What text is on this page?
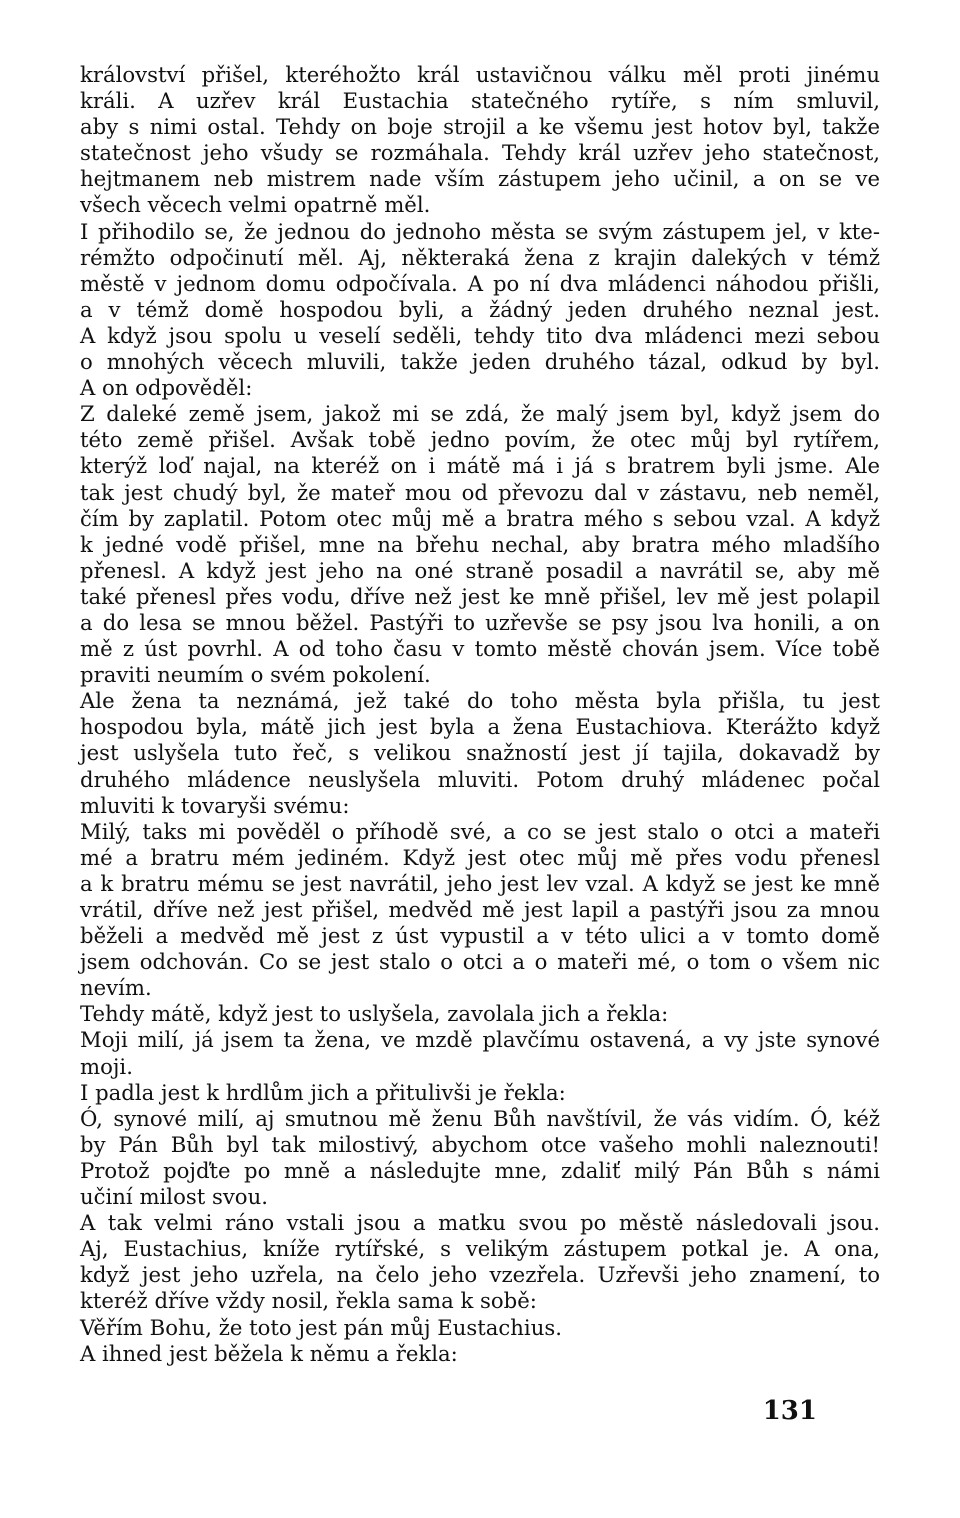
království přišel, kteréhožto král ustavičnou válku měl proti jinému
králi. A uzřev král Eustachia statečného rytíře, s ním smluvil,
aby s nimi ostal. Tehdy on boje strojil a ke všemu jest hotov byl, takže
statečnost jeho všudy se rozmáhala. Tehdy král uzřev jeho statečnost,
hejtmanem neb mistrem nade vším zástupem jeho učinil, a on se ve
všech věcech velmi opatrně měl.
I přihodilo se, že jednou do jednoho města se svým zástupem jel, v kte-
rémžto odpočinutí měl. Aj, některaká žena z krajin dalekých v témž
městě v jednom domu odpočívala. A po ní dva mládenci náhodou přišli,
a v témž domě hospodou byli, a žádný jeden druhého neznal jest.
A když jsou spolu u veselí seděli, tehdy tito dva mládenci mezi sebou
o mnohých věcech mluvili, takže jeden druhého tázal, odkud by byl.
A on odpověděl:
Z daleké země jsem, jakož mi se zdá, že malý jsem byl, když jsem do
této země přišel. Avšak tobě jedno povím, že otec můj byl rytířem,
kterýž loď najal, na kteréž on i mátě má i já s bratrem byli jsme. Ale
tak jest chudý byl, že mateř mou od převozu dal v zástavu, neb neměl,
čím by zaplatil. Potom otec můj mě a bratra mého s sebou vzal. A když
k jedné vodě přišel, mne na břehu nechal, aby bratra mého mladšího
přenesl. A když jest jeho na oné straně posadil a navrátil se, aby mě
také přenesl přes vodu, dříve než jest ke mně přišel, lev mě jest polapil
a do lesa se mnou běžel. Pastýři to uzřevše se psy jsou lva honili, a on
mě z úst povrhl. A od toho času v tomto městě chován jsem. Více tobě
praviti neumím o svém pokolení.
Ale žena ta neznámá, jež také do toho města byla přišla, tu jest
hospodou byla, mátě jich jest byla a žena Eustachiova. Kterážto když
jest uslyšela tuto řeč, s velikou snažností jest jí tajila, dokavadž by
druhého mládence neuslyšela mluviti. Potom druhý mládenec počal
mluviti k tovaryši svému:
Milý, taks mi pověděl o příhodě své, a co se jest stalo o otci a mateři
mé a bratru mém jediném. Když jest otec můj mě přes vodu přenesl
a k bratru mému se jest navrátil, jeho jest lev vzal. A když se jest ke mně
vrátil, dříve než jest přišel, medvěd mě jest lapil a pastýři jsou za mnou
běželi a medvěd mě jest z úst vypustil a v této ulici a v tomto domě
jsem odchován. Co se jest stalo o otci a o mateři mé, o tom o všem nic
nevím.
Tehdy mátě, když jest to uslyšela, zavolala jich a řekla:
Moji milí, já jsem ta žena, ve mzdě plavčímu ostavená, a vy jste synové
moji.
I padla jest k hrdlům jich a přitulivši je řekla:
Ó, synové milí, aj smutnou mě ženu Bůh navštívil, že vás vidím. Ó, kéž
by Pán Bůh byl tak milostivý, abychom otce vašeho mohli naleznouti!
Protož pojďte po mně a následujte mne, zdaliť milý Pán Bůh s námi
učiní milost svou.
A tak velmi ráno vstali jsou a matku svou po městě následovali jsou.
Aj, Eustachius, kníže rytířské, s velikým zástupem potkal je. A ona,
když jest jeho uzřela, na čelo jeho vzezřela. Uzřevši jeho znamení, to
kteréž dříve vždy nosil, řekla sama k sobě:
Věřím Bohu, že toto jest pán můj Eustachius.
A ihned jest běžela k němu a řekla:
131
